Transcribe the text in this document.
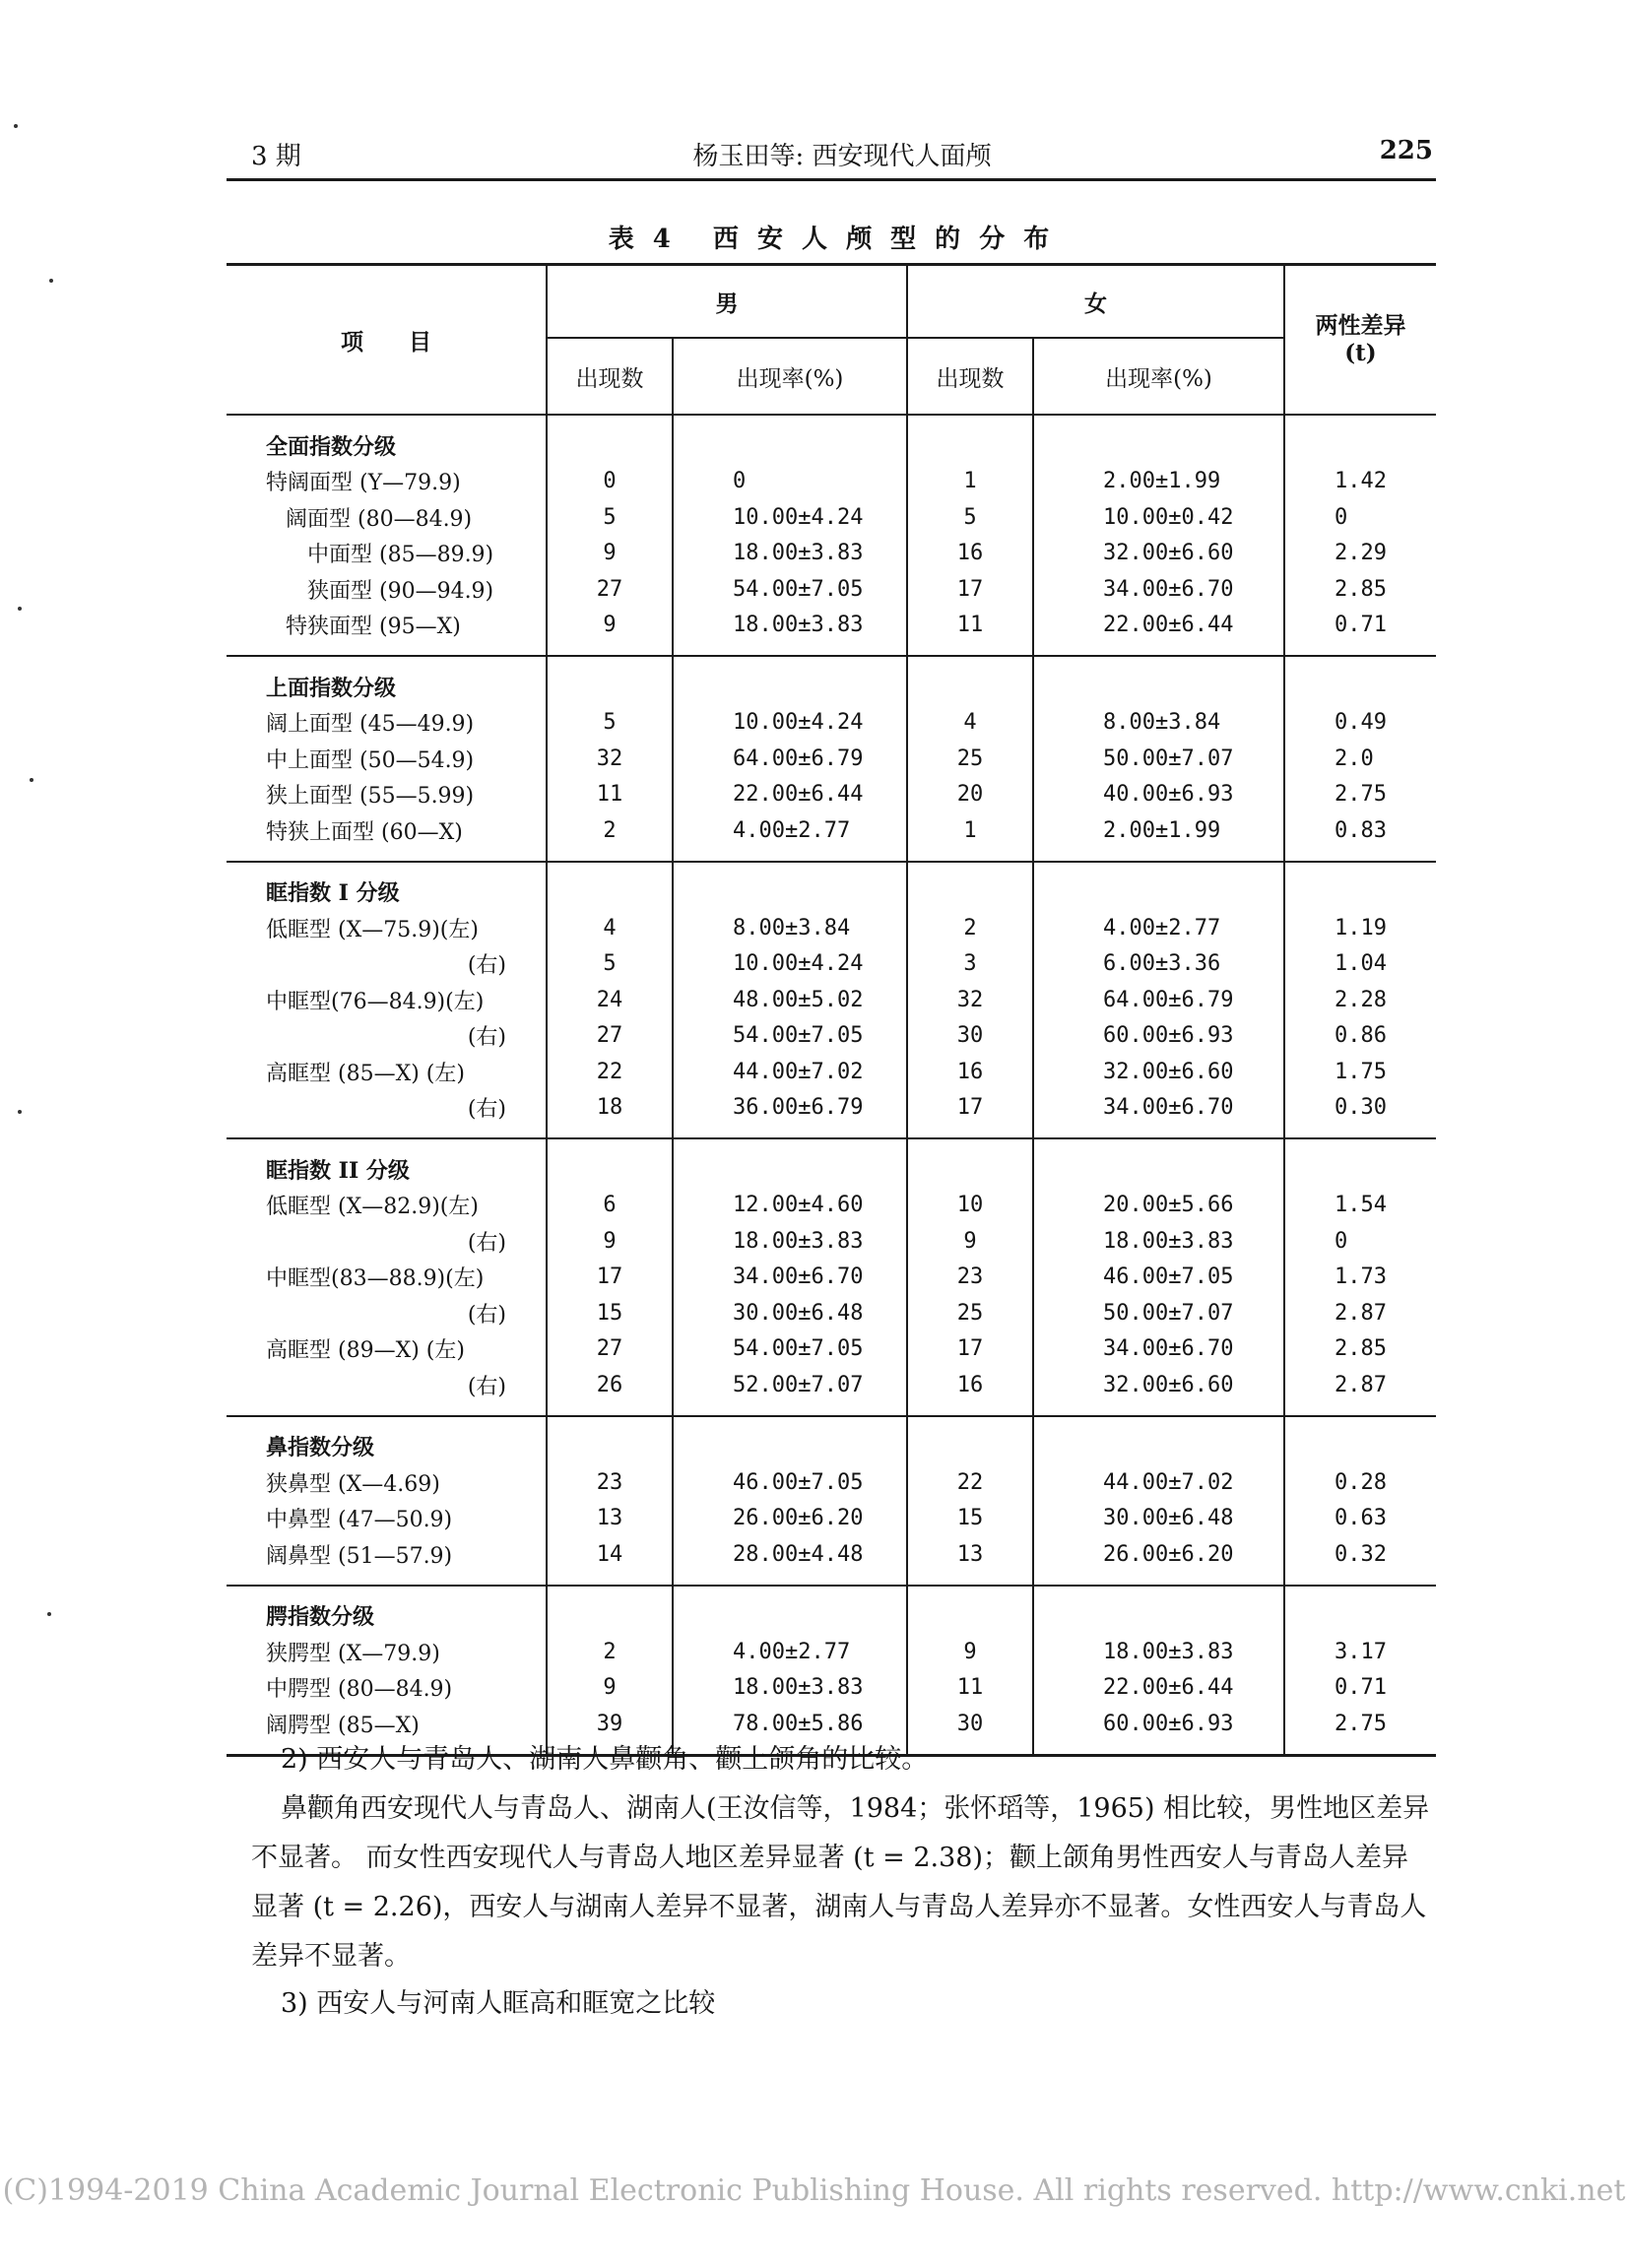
3 期	杨玉田等: 西安现代人面颅	225
表 4 西 安 人 颅 型 的 分 布
项　　目	男		女		两性差异
(t)

	出现数	出现率(%)	出现数	出现率(%)	
全面指数分级					
特阔面型 (Y—79.9)	0	0	1	2.00±1.99	1.42
阔面型 (80—84.9)	5	10.00±4.24	5	10.00±0.42	0
中面型 (85—89.9)	9	18.00±3.83	16	32.00±6.60	2.29
狭面型 (90—94.9)	27	54.00±7.05	17	34.00±6.70	2.85
特狭面型 (95—X)	9	18.00±3.83	11	22.00±6.44	0.71
上面指数分级					
阔上面型 (45—49.9)	5	10.00±4.24	4	8.00±3.84	0.49
中上面型 (50—54.9)	32	64.00±6.79	25	50.00±7.07	2.0
狭上面型 (55—5.99)	11	22.00±6.44	20	40.00±6.93	2.75
特狭上面型 (60—X)	2	4.00±2.77	1	2.00±1.99	0.83
眶指数 I 分级					
低眶型 (X—75.9)(左)	4	8.00±3.84	2	4.00±2.77	1.19
(右)	5	10.00±4.24	3	6.00±3.36	1.04
中眶型(76—84.9)(左)	24	48.00±5.02	32	64.00±6.79	2.28
(右)	27	54.00±7.05	30	60.00±6.93	0.86
高眶型 (85—X) (左)	22	44.00±7.02	16	32.00±6.60	1.75
(右)	18	36.00±6.79	17	34.00±6.70	0.30
眶指数 II 分级					
低眶型 (X—82.9)(左)	6	12.00±4.60	10	20.00±5.66	1.54
(右)	9	18.00±3.83	9	18.00±3.83	0
中眶型(83—88.9)(左)	17	34.00±6.70	23	46.00±7.05	1.73
(右)	15	30.00±6.48	25	50.00±7.07	2.87
高眶型 (89—X) (左)	27	54.00±7.05	17	34.00±6.70	2.85
(右)	26	52.00±7.07	16	32.00±6.60	2.87
鼻指数分级					
狭鼻型 (X—4.69)	23	46.00±7.05	22	44.00±7.02	0.28
中鼻型 (47—50.9)	13	26.00±6.20	15	30.00±6.48	0.63
阔鼻型 (51—57.9)	14	28.00±4.48	13	26.00±6.20	0.32
腭指数分级					
狭腭型 (X—79.9)	2	4.00±2.77	9	18.00±3.83	3.17
中腭型 (80—84.9)	9	18.00±3.83	11	22.00±6.44	0.71
阔腭型 (85—X)	39	78.00±5.86	30	60.00±6.93	2.75
2) 西安人与青岛人、湖南人鼻颧角、颧上颌角的比较。
鼻颧角西安现代人与青岛人、湖南人(王汝信等，1984；张怀瑫等，1965) 相比较，男性地区差异不显著。 而女性西安现代人与青岛人地区差异显著 (t = 2.38)；颧上颌角男性西安人与青岛人差异显著 (t = 2.26)，西安人与湖南人差异不显著，湖南人与青岛人差异亦不显著。女性西安人与青岛人差异不显著。
3) 西安人与河南人眶高和眶宽之比较
(C)1994-2019 China Academic Journal Electronic Publishing House. All rights reserved. http://www.cnki.net
